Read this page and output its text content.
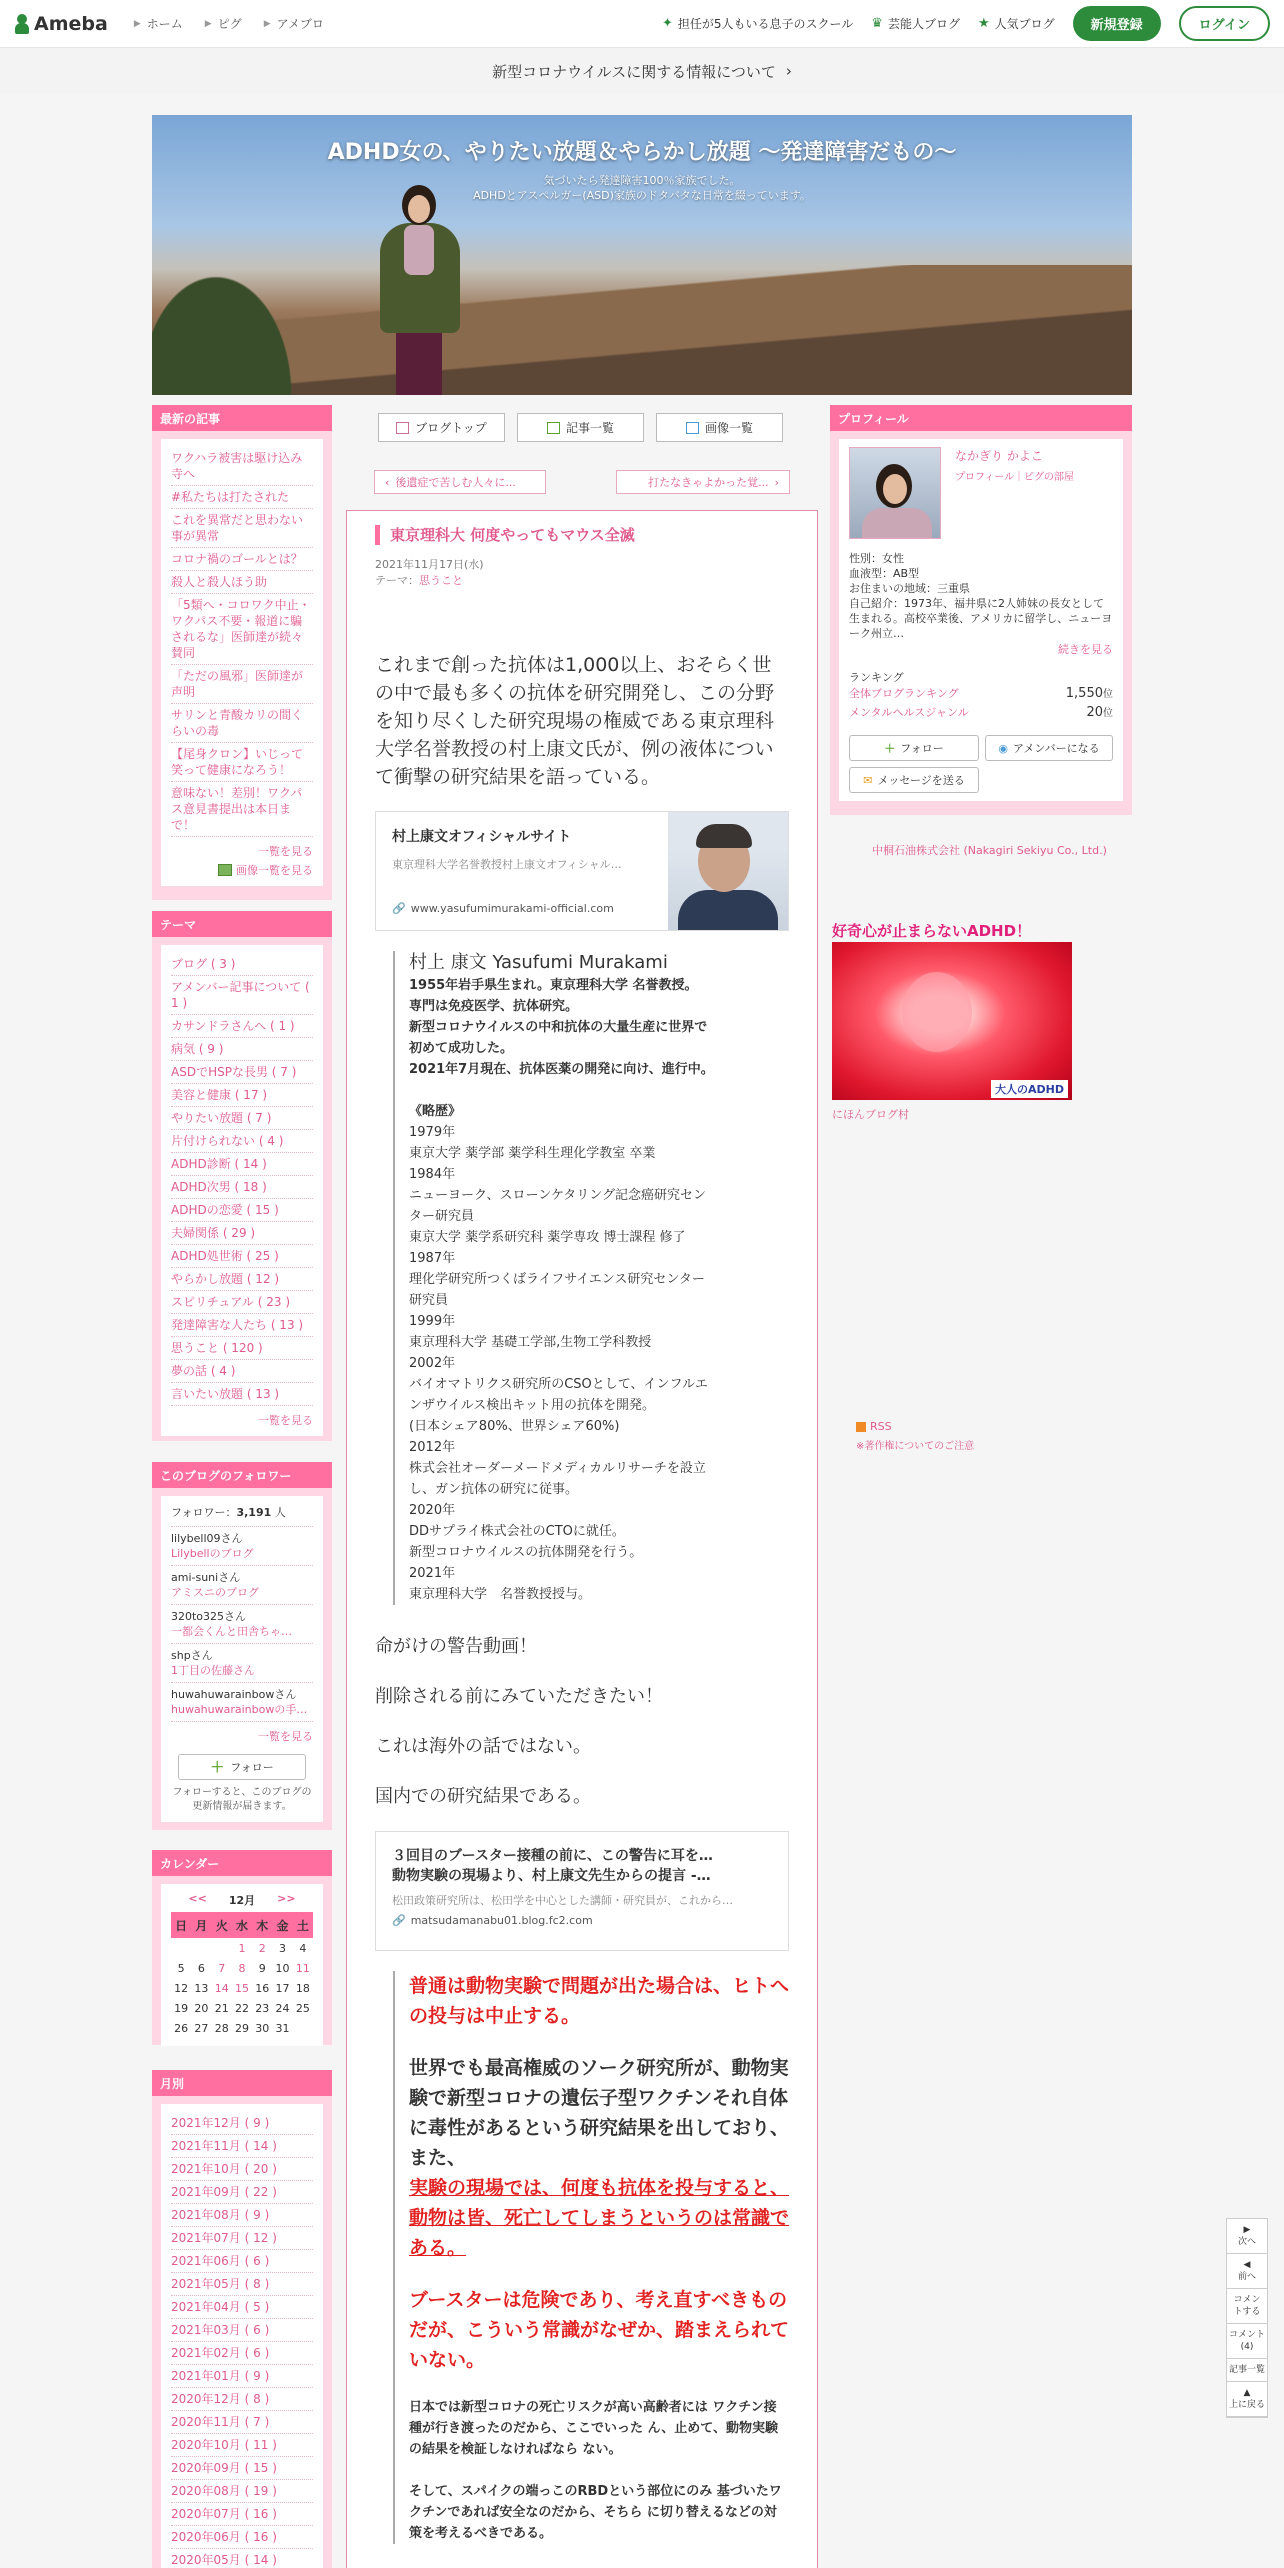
Ameba	▶ ホーム ▶ ピグ ▶ アメブロ	✦ 担任が5人もいる息子のスクール ♛ 芸能人ブログ ★ 人気ブログ	新規登録	ログイン
新型コロナウイルスに関する情報について ›
ADHD女の、やりたい放題＆やらかし放題 ～発達障害だもの～
気づいたら発達障害100％家族でした。
ADHDとアスペルガー(ASD)家族のドタバタな日常を綴っています。
最新の記事
ワクハラ被害は駆け込み寺へ
#私たちは打たされた
これを異常だと思わない事が異常
コロナ禍のゴールとは？
殺人と殺人ほう助
「5類へ・コロワク中止・ワクパス不要・報道に騙されるな」医師達が続々賛同
「ただの風邪」医師達が声明
サリンと青酸カリの間くらいの毒
【尾身クロン】いじって笑って健康になろう！
意味ない！差別！ワクパス意見書提出は本日まで！
一覧を見る
画像一覧を見る
テーマ
ブログ ( 3 )
アメンバー記事について ( 1 )
カサンドラさんへ ( 1 )
病気 ( 9 )
ASDでHSPな長男 ( 7 )
美容と健康 ( 17 )
やりたい放題 ( 7 )
片付けられない ( 4 )
ADHD診断 ( 14 )
ADHD次男 ( 18 )
ADHDの恋愛 ( 15 )
夫婦関係 ( 29 )
ADHD処世術 ( 25 )
やらかし放題 ( 12 )
スピリチュアル ( 23 )
発達障害な人たち ( 13 )
思うこと ( 120 )
夢の話 ( 4 )
言いたい放題 ( 13 )
一覧を見る
このブログのフォロワー
フォロワー：3,191 人
lilybell09さん
Lilybellのブログ
ami-suniさん
アミスニのブログ
320to325さん
一都会くんと田舎ちゃ…
shpさん
1丁目の佐藤さん
huwahuwarainbowさん
huwahuwarainbowの手…
一覧を見る
＋ フォロー
フォローすると、このブログの
更新情報が届きます。
カレンダー
<< 12月 >>
日	月	火	水	木	金	土
			1	2	3	4
5	6	7	8	9	10	11
12	13	14	15	16	17	18
19	20	21	22	23	24	25
26	27	28	29	30	31	
月別
2021年12月 ( 9 )
2021年11月 ( 14 )
2021年10月 ( 20 )
2021年09月 ( 22 )
2021年08月 ( 9 )
2021年07月 ( 12 )
2021年06月 ( 6 )
2021年05月 ( 8 )
2021年04月 ( 5 )
2021年03月 ( 6 )
2021年02月 ( 6 )
2021年01月 ( 9 )
2020年12月 ( 8 )
2020年11月 ( 7 )
2020年10月 ( 11 )
2020年09月 ( 15 )
2020年08月 ( 19 )
2020年07月 ( 16 )
2020年06月 ( 16 )
2020年05月 ( 14 )
ブログトップ	記事一覧	画像一覧
‹ 後遺症で苦しむ人々に...	打たなきゃよかった覚... ›
東京理科大 何度やってもマウス全滅
2021年11月17日(水)
テーマ：思うこと
これまで創った抗体は1,000以上、おそらく世の中で最も多くの抗体を研究開発し、この分野を知り尽くした研究現場の権威である東京理科大学名誉教授の村上康文氏が、例の液体について衝撃の研究結果を語っている。
村上康文オフィシャルサイト
東京理科大学名誉教授村上康文オフィシャル…
🔗 www.yasufumimurakami-official.com
村上 康文 Yasufumi Murakami
1955年岩手県生まれ。東京理科大学 名誉教授。
専門は免疫医学、抗体研究。
新型コロナウイルスの中和抗体の大量生産に世界で
初めて成功した。
2021年7月現在、抗体医薬の開発に向け、進行中。
《略歴》
1979年
東京大学 薬学部 薬学科生理化学教室 卒業
1984年
ニューヨーク、スローンケタリング記念癌研究セン
ター研究員
東京大学 薬学系研究科 薬学専攻 博士課程 修了
1987年
理化学研究所つくばライフサイエンス研究センター
研究員
1999年
東京理科大学 基礎工学部,生物工学科教授
2002年
バイオマトリクス研究所のCSOとして、インフルエ
ンザウイルス検出キット用の抗体を開発。
(日本シェア80%、世界シェア60%)
2012年
株式会社オーダーメードメディカルリサーチを設立
し、ガン抗体の研究に従事。
2020年
DDサプライ株式会社のCTOに就任。
新型コロナウイルスの抗体開発を行う。
2021年
東京理科大学　名誉教授授与。
命がけの警告動画！
削除される前にみていただきたい！
これは海外の話ではない。
国内での研究結果である。
３回目のブースター接種の前に、この警告に耳を…
動物実験の現場より、村上康文先生からの提言 -…
松田政策研究所は、松田学を中心とした講師・研究員が、これから…
🔗 matsudamanabu01.blog.fc2.com
普通は動物実験で問題が出た場合は、ヒトへの投与は中止する。
世界でも最高権威のソーク研究所が、動物実験で新型コロナの遺伝子型ワクチンそれ自体に毒性があるという研究結果を出しており、また、
実験の現場では、何度も抗体を投与すると、動物は皆、死亡してしまうというのは常識である。
ブースターは危険であり、考え直すべきものだが、こういう常識がなぜか、踏まえられていない。
日本では新型コロナの死亡リスクが高い高齢者には ワクチン接種が行き渡ったのだから、ここでいった ん、止めて、動物実験の結果を検証しなければなら ない。
そして、スパイクの端っこのRBDという部位にのみ 基づいたワクチンであれば安全なのだから、そちら に切り替えるなどの対策を考えるべきである。
プロフィール
なかぎり かよこ
プロフィール｜ピグの部屋
性別：女性
血液型：AB型
お住まいの地域：三重県
自己紹介：1973年、福井県に2人姉妹の長女として生まれる。高校卒業後、アメリカに留学し、ニューヨーク州立…
続きを見る
ランキング
全体ブログランキング	1,550位
メンタルヘルスジャンル	20位
＋ フォロー	◉ アメンバーになる
✉ メッセージを送る
中桐石油株式会社 (Nakagiri Sekiyu Co., Ltd.)
好奇心が止まらないADHD！
大人のADHD
にほんブログ村
RSS
※著作権についてのご注意
▶
次へ
◀
前へ
コメントする
コメント (4)
記事一覧
▲
上に戻る
